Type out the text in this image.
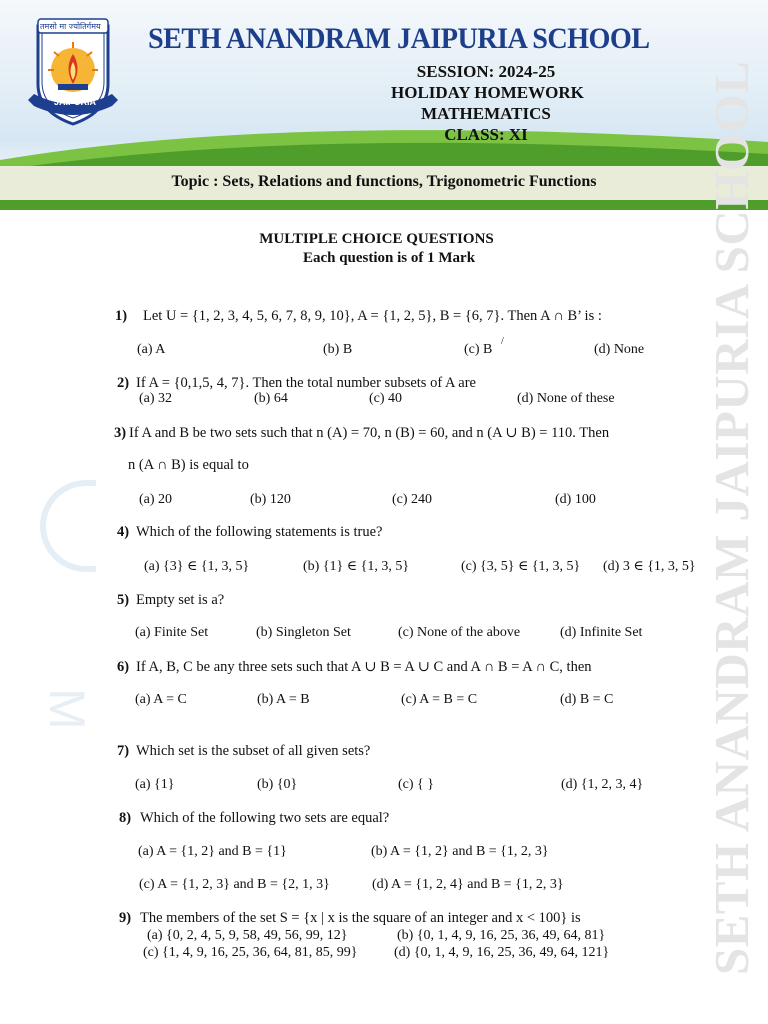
तमसो मा ज्योतिर्गमय
JAIPURIA
SETH ANANDRAM JAIPURIA SCHOOL
SESSION: 2024-25
HOLIDAY HOMEWORK
MATHEMATICS
CLASS: XI
Topic : Sets, Relations and functions, Trigonometric Functions
M	SETH ANANDRAM JAIPURIA SCHOOL
MULTIPLE CHOICE QUESTIONS
Each question is of 1 Mark
1) Let U = {1, 2, 3, 4, 5, 6, 7, 8, 9, 10}, A = {1, 2, 5}, B = {6, 7}. Then A ∩ B’ is :
(a) A	(b) B	(c) B
/
(d) None
2) If A = {0,1,5, 4, 7}. Then the total number subsets of A are
(a) 32	(b) 64	(c) 40	(d) None of these
3) If A and B be two sets such that n (A) = 70, n (B) = 60, and n (A ∪ B) = 110. Then
n (A ∩ B) is equal to
(a) 20	(b) 120	(c) 240	(d) 100
4) Which of the following statements is true?
(a) {3} ∈ {1, 3, 5}	(b) {1} ∈ {1, 3, 5}	(c) {3, 5} ∈ {1, 3, 5} (d) 3 ∈ {1, 3, 5}
5) Empty set is a?
(a) Finite Set	(b) Singleton Set	(c) None of the above	(d) Infinite Set
6) If A, B, C be any three sets such that A ∪ B = A ∪ C and A ∩ B = A ∩ C, then
(a) A = C	(b) A = B	(c) A = B = C	(d) B = C
7) Which set is the subset of all given sets?
(a) {1}	(b) {0}	(c) { }	(d) {1, 2, 3, 4}
8) Which of the following two sets are equal?
(a) A = {1, 2} and B = {1}	(b) A = {1, 2} and B = {1, 2, 3}
(c) A = {1, 2, 3} and B = {2, 1, 3}	(d) A = {1, 2, 4} and B = {1, 2, 3}
9) The members of the set S = {x | x is the square of an integer and x < 100} is
(a) {0, 2, 4, 5, 9, 58, 49, 56, 99, 12}	(b) {0, 1, 4, 9, 16, 25, 36, 49, 64, 81}
(c) {1, 4, 9, 16, 25, 36, 64, 81, 85, 99}	(d) {0, 1, 4, 9, 16, 25, 36, 49, 64, 121}
